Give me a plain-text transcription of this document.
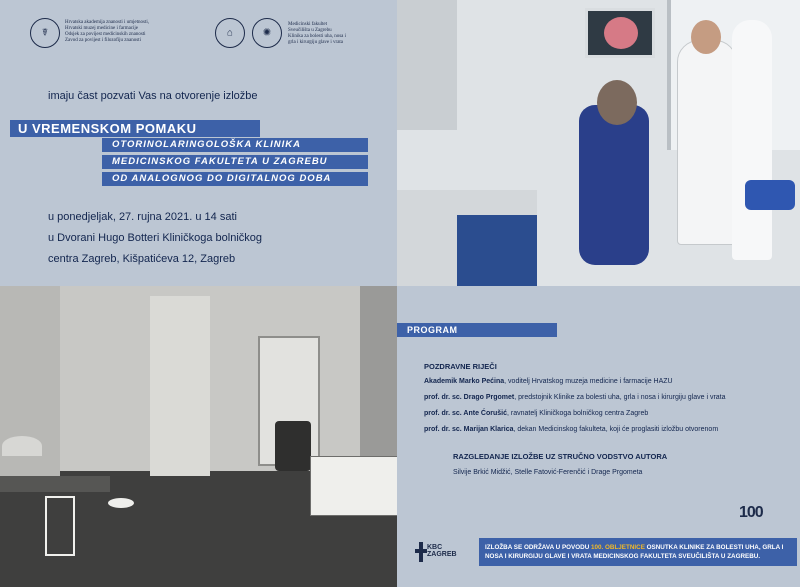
☤
Hrvatska akademija znanosti i umjetnosti,
Hrvatski muzej medicine i farmacije
Odsjek za povijest medicinskih znanosti
Zavod za povijest i filozofiju znanosti
⌂	✺
Medicinski fakultet
Sveučilišta u Zagrebu
Klinika za bolesti uha, nosa i
grla i kirurgiju glave i vrata
imaju čast pozvati Vas na otvorenje izložbe
U VREMENSKOM POMAKU
OTORINOLARINGOLOŠKA KLINIKA
MEDICINSKOG FAKULTETA U ZAGREBU
OD ANALOGNOG DO DIGITALNOG DOBA
u ponedjeljak, 27. rujna 2021. u 14 sati
u Dvorani Hugo Botteri Kliničkoga bolničkog
centra Zagreb, Kišpatićeva 12, Zagreb
PROGRAM
POZDRAVNE RIJEČI
Akademik Marko Pećina, voditelj Hrvatskog muzeja medicine i farmacije HAZU
prof. dr. sc. Drago Prgomet, predstojnik Klinike za bolesti uha, grla i nosa i kirurgiju glave i vrata
prof. dr. sc. Ante Ćorušić, ravnatelj Kliničkoga bolničkog centra Zagreb
prof. dr. sc. Marijan Klarica, dekan Medicinskog fakulteta, koji će proglasiti izložbu otvorenom
RAZGLEDANJE IZLOŽBE UZ STRUČNO VODSTVO AUTORA
Silvije Brkić Midžić, Stelle Fatović-Ferenčić i Drage Prgometa
100
KBC
ZAGREB
IZLOŽBA SE ODRŽAVA U POVODU 100. OBLJETNICE OSNUTKA KLINIKE ZA BOLESTI UHA, GRLA I NOSA I KIRURGIJU GLAVE I VRATA MEDICINSKOG FAKULTETA SVEUČILIŠTA U ZAGREBU.
